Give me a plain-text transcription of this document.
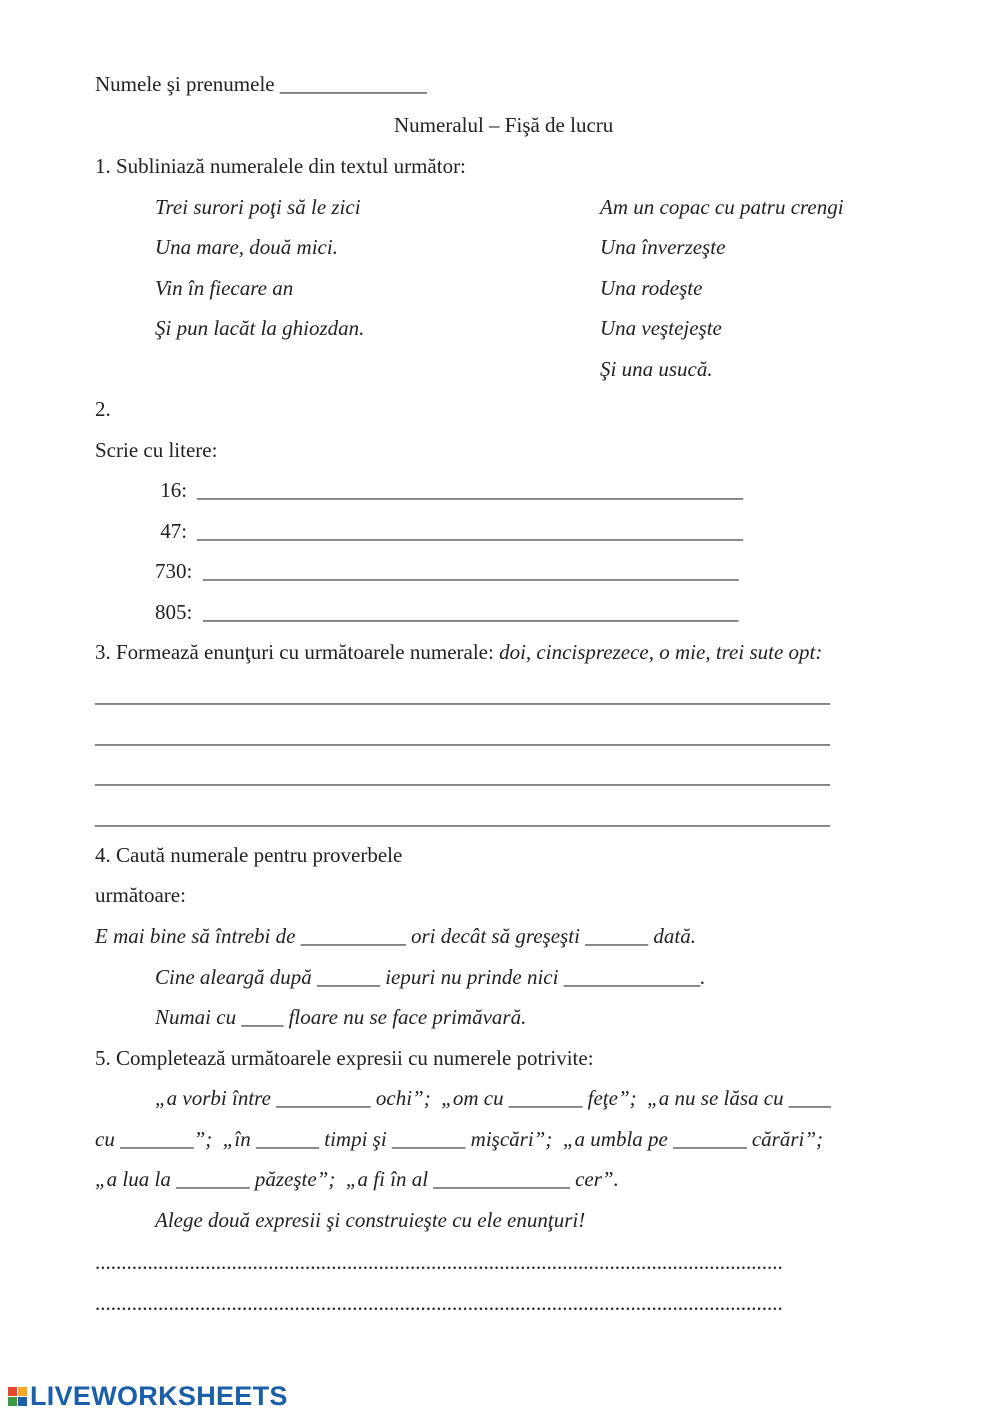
Numele şi prenumele ______________
Numeralul – Fişă de lucru
1. Subliniază numeralele din textul următor:
Trei surori poţi să le zici
Una mare, două mici.
Vin în fiecare an
Şi pun lacăt la ghiozdan.
Am un copac cu patru crengi
Una înverzeşte
Una rodeşte
Una veştejeşte
Şi una usucă.
2.
Scrie cu litere:
16: ____________________________________________________
47: ____________________________________________________
730: ___________________________________________________
805: ___________________________________________________
3. Formează enunţuri cu următoarele numerale: doi, cincisprezece, o mie, trei sute opt:
______________________________________________________________________
______________________________________________________________________
______________________________________________________________________
______________________________________________________________________
4. Caută numerale pentru proverbele
următoare:
E mai bine să întrebi de __________ ori decât să greşeşti ______ dată.
Cine aleargă după ______ iepuri nu prinde nici _____________.
Numai cu ____ floare nu se face primăvară.
5. Completează următoarele expresii cu numerele potrivite:
„a vorbi între _________ ochi”;  „om cu _______ feţe”;  „a nu se lăsa cu ____
cu _______”;  „în ______ timpi şi _______ mişcări”;  „a umbla pe _______ cărări”;
„a lua la _______ păzeşte”;  „a fi în al _____________ cer”.
Alege două expresii şi construieşte cu ele enunţuri!
...................................................................................................................................
...................................................................................................................................
LIVEWORKSHEETS
